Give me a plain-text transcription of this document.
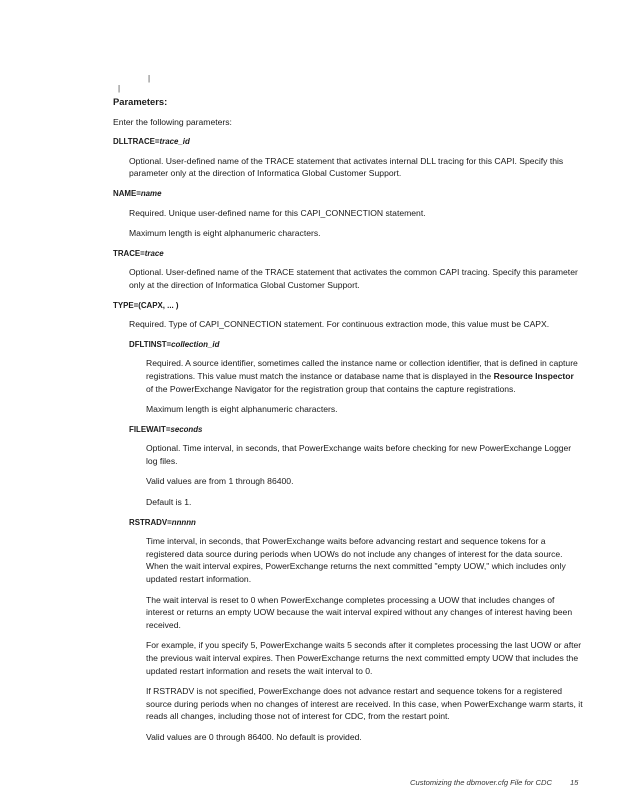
|
|
Parameters:
Enter the following parameters:
DLLTRACE=trace_id
Optional. User-defined name of the TRACE statement that activates internal DLL tracing for this CAPI. Specify this parameter only at the direction of Informatica Global Customer Support.
NAME=name
Required. Unique user-defined name for this CAPI_CONNECTION statement.
Maximum length is eight alphanumeric characters.
TRACE=trace
Optional. User-defined name of the TRACE statement that activates the common CAPI tracing. Specify this parameter only at the direction of Informatica Global Customer Support.
TYPE=(CAPX, ... )
Required. Type of CAPI_CONNECTION statement. For continuous extraction mode, this value must be CAPX.
DFLTINST=collection_id
Required. A source identifier, sometimes called the instance name or collection identifier, that is defined in capture registrations. This value must match the instance or database name that is displayed in the Resource Inspector of the PowerExchange Navigator for the registration group that contains the capture registrations.
Maximum length is eight alphanumeric characters.
FILEWAIT=seconds
Optional. Time interval, in seconds, that PowerExchange waits before checking for new PowerExchange Logger log files.
Valid values are from 1 through 86400.
Default is 1.
RSTRADV=nnnnn
Time interval, in seconds, that PowerExchange waits before advancing restart and sequence tokens for a registered data source during periods when UOWs do not include any changes of interest for the data source. When the wait interval expires, PowerExchange returns the next committed "empty UOW," which includes only updated restart information.
The wait interval is reset to 0 when PowerExchange completes processing a UOW that includes changes of interest or returns an empty UOW because the wait interval expired without any changes of interest having been received.
For example, if you specify 5, PowerExchange waits 5 seconds after it completes processing the last UOW or after the previous wait interval expires. Then PowerExchange returns the next committed empty UOW that includes the updated restart information and resets the wait interval to 0.
If RSTRADV is not specified, PowerExchange does not advance restart and sequence tokens for a registered source during periods when no changes of interest are received. In this case, when PowerExchange warm starts, it reads all changes, including those not of interest for CDC, from the restart point.
Valid values are 0 through 86400. No default is provided.
Customizing the dbmover.cfg File for CDC 15
